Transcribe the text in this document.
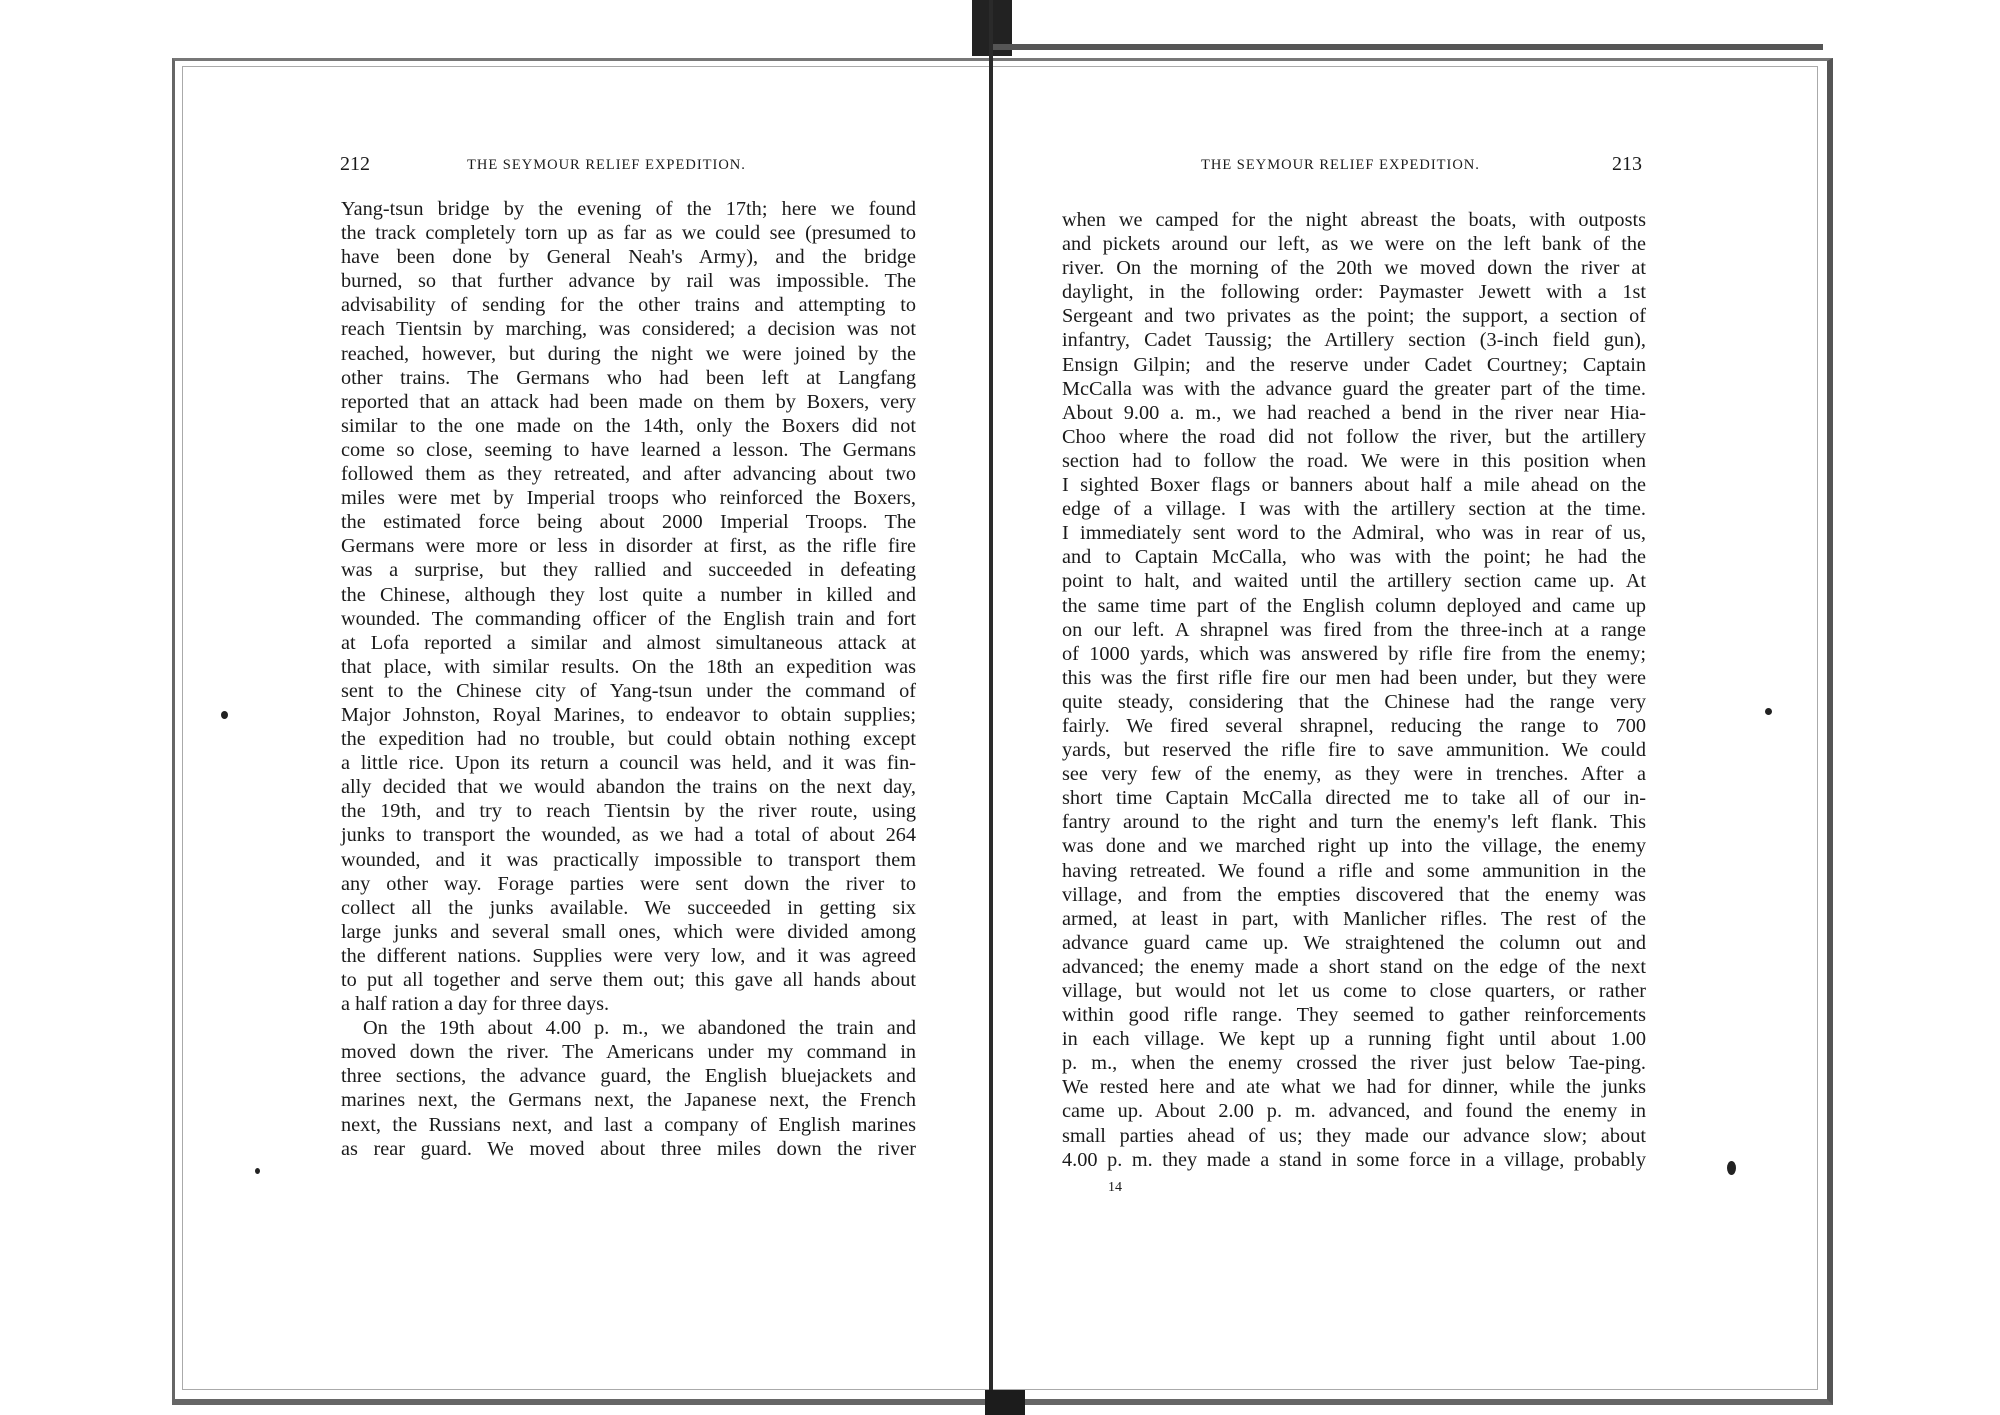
212	THE SEYMOUR RELIEF EXPEDITION.
Yang-tsun bridge by the evening of the 17th; here we found
the track completely torn up as far as we could see (presumed to
have been done by General Neah's Army), and the bridge
burned, so that further advance by rail was impossible. The
advisability of sending for the other trains and attempting to
reach Tientsin by marching, was considered; a decision was not
reached, however, but during the night we were joined by the
other trains. The Germans who had been left at Langfang
reported that an attack had been made on them by Boxers, very
similar to the one made on the 14th, only the Boxers did not
come so close, seeming to have learned a lesson. The Germans
followed them as they retreated, and after advancing about two
miles were met by Imperial troops who reinforced the Boxers,
the estimated force being about 2000 Imperial Troops. The
Germans were more or less in disorder at first, as the rifle fire
was a surprise, but they rallied and succeeded in defeating
the Chinese, although they lost quite a number in killed and
wounded. The commanding officer of the English train and fort
at Lofa reported a similar and almost simultaneous attack at
that place, with similar results. On the 18th an expedition was
sent to the Chinese city of Yang-tsun under the command of
Major Johnston, Royal Marines, to endeavor to obtain supplies;
the expedition had no trouble, but could obtain nothing except
a little rice. Upon its return a council was held, and it was fin-
ally decided that we would abandon the trains on the next day,
the 19th, and try to reach Tientsin by the river route, using
junks to transport the wounded, as we had a total of about 264
wounded, and it was practically impossible to transport them
any other way. Forage parties were sent down the river to
collect all the junks available. We succeeded in getting six
large junks and several small ones, which were divided among
the different nations. Supplies were very low, and it was agreed
to put all together and serve them out; this gave all hands about
a half ration a day for three days.
On the 19th about 4.00 p. m., we abandoned the train and
moved down the river. The Americans under my command in
three sections, the advance guard, the English bluejackets and
marines next, the Germans next, the Japanese next, the French
next, the Russians next, and last a company of English marines
as rear guard. We moved about three miles down the river
THE SEYMOUR RELIEF EXPEDITION.	213
when we camped for the night abreast the boats, with outposts
and pickets around our left, as we were on the left bank of the
river. On the morning of the 20th we moved down the river at
daylight, in the following order: Paymaster Jewett with a 1st
Sergeant and two privates as the point; the support, a section of
infantry, Cadet Taussig; the Artillery section (3-inch field gun),
Ensign Gilpin; and the reserve under Cadet Courtney; Captain
McCalla was with the advance guard the greater part of the time.
About 9.00 a. m., we had reached a bend in the river near Hia-
Choo where the road did not follow the river, but the artillery
section had to follow the road. We were in this position when
I sighted Boxer flags or banners about half a mile ahead on the
edge of a village. I was with the artillery section at the time.
I immediately sent word to the Admiral, who was in rear of us,
and to Captain McCalla, who was with the point; he had the
point to halt, and waited until the artillery section came up. At
the same time part of the English column deployed and came up
on our left. A shrapnel was fired from the three-inch at a range
of 1000 yards, which was answered by rifle fire from the enemy;
this was the first rifle fire our men had been under, but they were
quite steady, considering that the Chinese had the range very
fairly. We fired several shrapnel, reducing the range to 700
yards, but reserved the rifle fire to save ammunition. We could
see very few of the enemy, as they were in trenches. After a
short time Captain McCalla directed me to take all of our in-
fantry around to the right and turn the enemy's left flank. This
was done and we marched right up into the village, the enemy
having retreated. We found a rifle and some ammunition in the
village, and from the empties discovered that the enemy was
armed, at least in part, with Manlicher rifles. The rest of the
advance guard came up. We straightened the column out and
advanced; the enemy made a short stand on the edge of the next
village, but would not let us come to close quarters, or rather
within good rifle range. They seemed to gather reinforcements
in each village. We kept up a running fight until about 1.00
p. m., when the enemy crossed the river just below Tae-ping.
We rested here and ate what we had for dinner, while the junks
came up. About 2.00 p. m. advanced, and found the enemy in
small parties ahead of us; they made our advance slow; about
4.00 p. m. they made a stand in some force in a village, probably
14
